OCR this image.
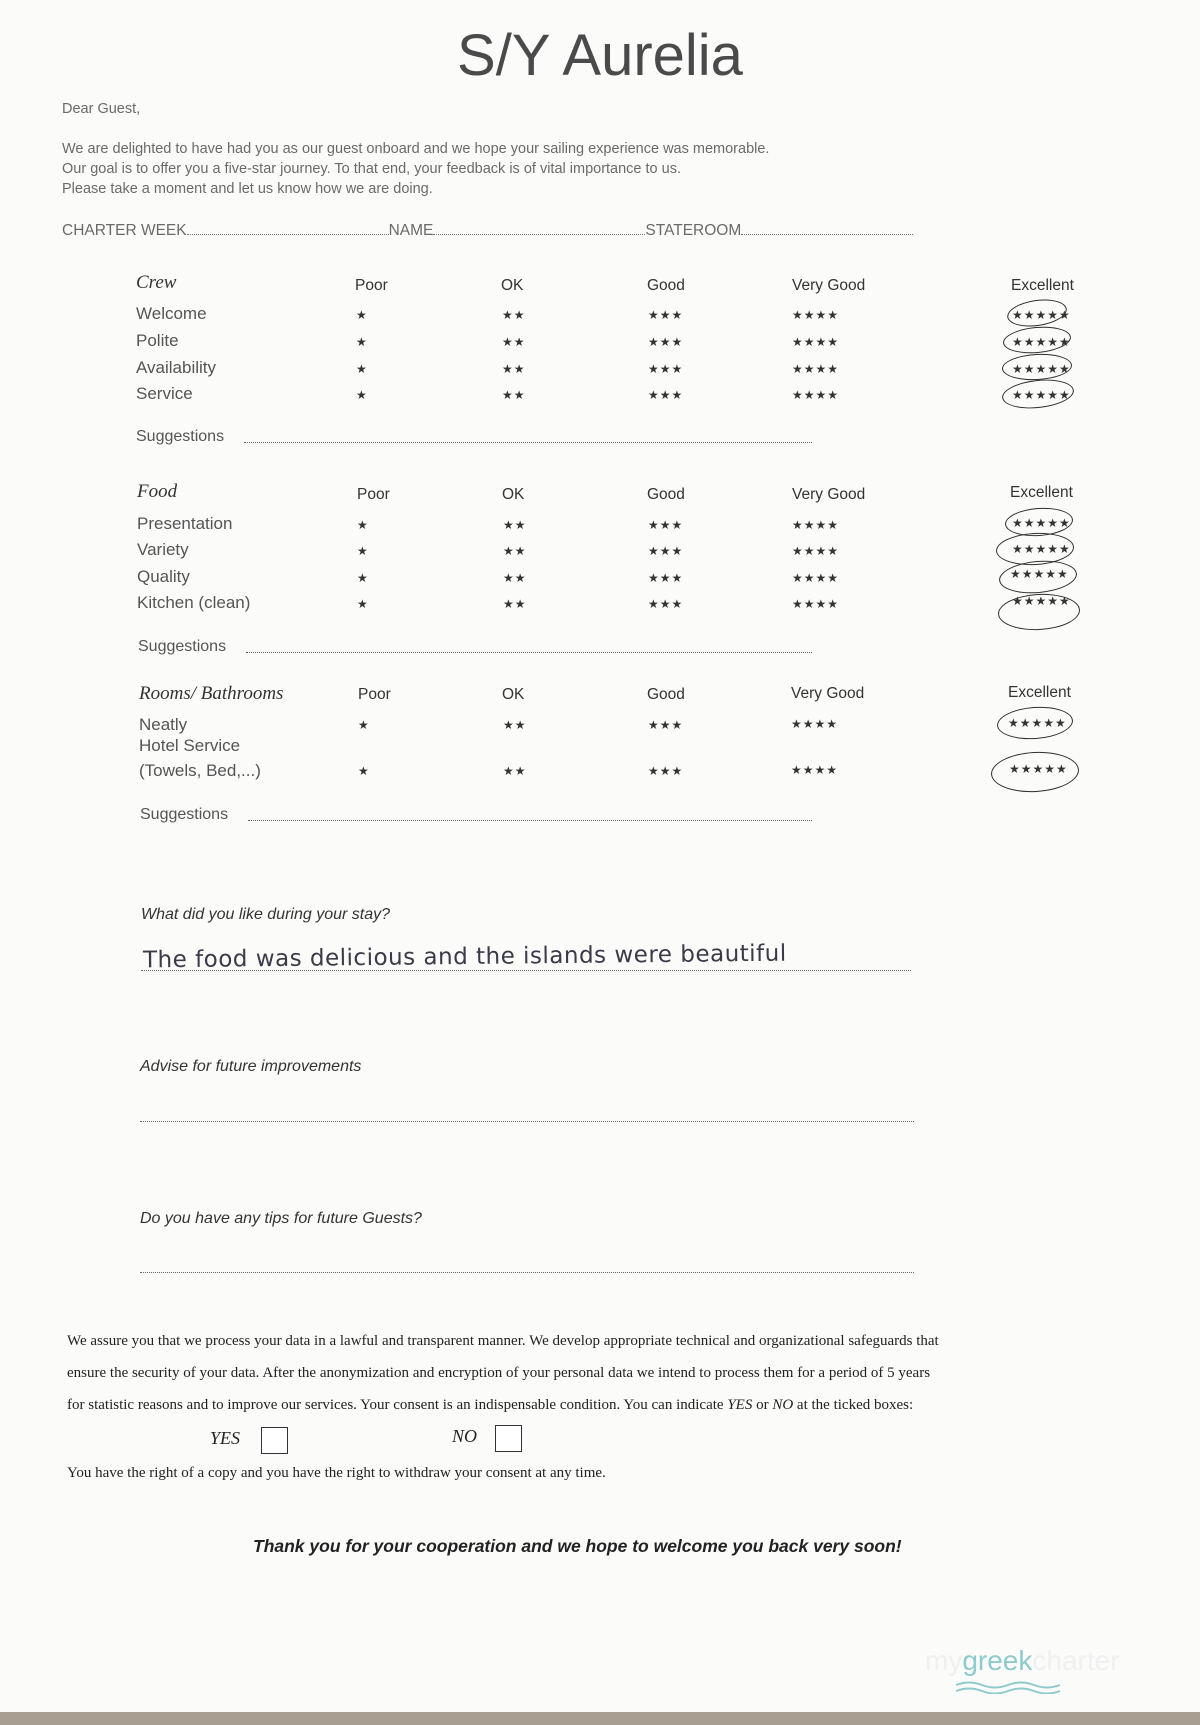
S/Y Aurelia
Dear Guest,
We are delighted to have had you as our guest onboard and we hope your sailing experience was memorable.
Our goal is to offer you a five-star journey. To that end, your feedback is of vital importance to us.
Please take a moment and let us know how we are doing.
CHARTER WEEK	NAME	STATEROOM
Crew	Poor	OK	Good	Very Good	Excellent
Welcome	★	★★	★★★	★★★★	★★★★★
Polite	★	★★	★★★	★★★★	★★★★★
Availability	★	★★	★★★	★★★★	★★★★★
Service	★	★★	★★★	★★★★	★★★★★
Suggestions
Food	Poor	OK	Good	Very Good	Excellent
Presentation	★	★★	★★★	★★★★	★★★★★
Variety	★	★★	★★★	★★★★	★★★★★
Quality	★	★★	★★★	★★★★	★★★★★
Kitchen (clean)	★	★★	★★★	★★★★	★★★★★
Suggestions
Rooms/ Bathrooms	Poor	OK	Good	Very Good	Excellent
Neatly	★	★★	★★★	★★★★	★★★★★
Hotel Service
(Towels, Bed,...)	★	★★	★★★	★★★★	★★★★★
Suggestions
What did you like during your stay?
The food was delicious and the islands were beautiful
Advise for future improvements
Do you have any tips for future Guests?
We assure you that we process your data in a lawful and transparent manner. We develop appropriate technical and organizational safeguards that
ensure the security of your data. After the anonymization and encryption of your personal data we intend to process them for a period of 5 years
for statistic reasons and to improve our services. Your consent is an indispensable condition. You can indicate YES or NO at the ticked boxes:
YES	NO
You have the right of a copy and you have the right to withdraw your consent at any time.
Thank you for your cooperation and we hope to welcome you back very soon!
mygreekcharter
